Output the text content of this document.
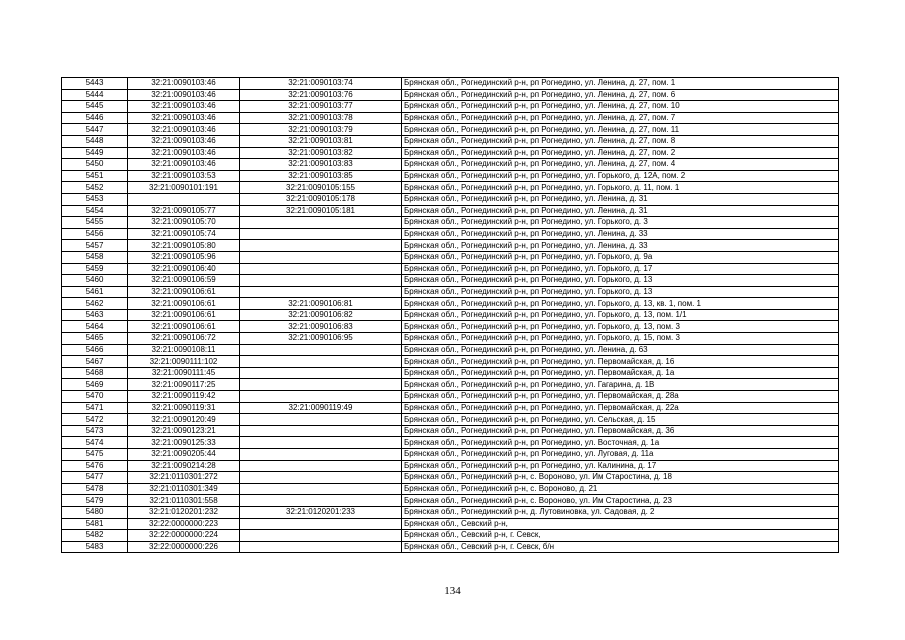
5443	32:21:0090103:46	32:21:0090103:74	Брянская обл., Рогнединский р-н, рп Рогнедино, ул. Ленина, д. 27, пом. 1
5444	32:21:0090103:46	32:21:0090103:76	Брянская обл., Рогнединский р-н, рп Рогнедино, ул. Ленина, д. 27, пом. 6
5445	32:21:0090103:46	32:21:0090103:77	Брянская обл., Рогнединский р-н, рп Рогнедино, ул. Ленина, д. 27, пом. 10
5446	32:21:0090103:46	32:21:0090103:78	Брянская обл., Рогнединский р-н, рп Рогнедино, ул. Ленина, д. 27, пом. 7
5447	32:21:0090103:46	32:21:0090103:79	Брянская обл., Рогнединский р-н, рп Рогнедино, ул. Ленина, д. 27, пом. 11
5448	32:21:0090103:46	32:21:0090103:81	Брянская обл., Рогнединский р-н, рп Рогнедино, ул. Ленина, д. 27, пом. 8
5449	32:21:0090103:46	32:21:0090103:82	Брянская обл., Рогнединский р-н, рп Рогнедино, ул. Ленина, д. 27, пом. 2
5450	32:21:0090103:46	32:21:0090103:83	Брянская обл., Рогнединский р-н, рп Рогнедино, ул. Ленина, д. 27, пом. 4
5451	32:21:0090103:53	32:21:0090103:85	Брянская обл., Рогнединский р-н, рп Рогнедино, ул. Горького, д. 12А, пом. 2
5452	32:21:0090101:191	32:21:0090105:155	Брянская обл., Рогнединский р-н, рп Рогнедино, ул. Горького, д. 11, пом. 1
5453		32:21:0090105:178	Брянская обл., Рогнединский р-н, рп Рогнедино, ул. Ленина, д. 31
5454	32:21:0090105:77	32:21:0090105:181	Брянская обл., Рогнединский р-н, рп Рогнедино, ул. Ленина, д. 31
5455	32:21:0090105:70		Брянская обл., Рогнединский р-н, рп Рогнедино, ул. Горького, д. 3
5456	32:21:0090105:74		Брянская обл., Рогнединский р-н, рп Рогнедино, ул. Ленина, д. 33
5457	32:21:0090105:80		Брянская обл., Рогнединский р-н, рп Рогнедино, ул. Ленина, д. 33
5458	32:21:0090105:96		Брянская обл., Рогнединский р-н, рп Рогнедино, ул. Горького, д. 9а
5459	32:21:0090106:40		Брянская обл., Рогнединский р-н, рп Рогнедино, ул. Горького, д. 17
5460	32:21:0090106:59		Брянская обл., Рогнединский р-н, рп Рогнедино, ул. Горького, д. 13
5461	32:21:0090106:61		Брянская обл., Рогнединский р-н, рп Рогнедино, ул. Горького, д. 13
5462	32:21:0090106:61	32:21:0090106:81	Брянская обл., Рогнединский р-н, рп Рогнедино, ул. Горького, д. 13, кв. 1, пом. 1
5463	32:21:0090106:61	32:21:0090106:82	Брянская обл., Рогнединский р-н, рп Рогнедино, ул. Горького, д. 13, пом. 1/1
5464	32:21:0090106:61	32:21:0090106:83	Брянская обл., Рогнединский р-н, рп Рогнедино, ул. Горького, д. 13, пом. 3
5465	32:21:0090106:72	32:21:0090106:95	Брянская обл., Рогнединский р-н, рп Рогнедино, ул. Горького, д. 15, пом. 3
5466	32:21:0090108:11		Брянская обл., Рогнединский р-н, рп Рогнедино, ул. Ленина, д. 63
5467	32:21:0090111:102		Брянская обл., Рогнединский р-н, рп Рогнедино, ул. Первомайская, д. 16
5468	32:21:0090111:45		Брянская обл., Рогнединский р-н, рп Рогнедино, ул. Первомайская, д. 1а
5469	32:21:0090117:25		Брянская обл., Рогнединский р-н, рп Рогнедино, ул. Гагарина, д. 1В
5470	32:21:0090119:42		Брянская обл., Рогнединский р-н, рп Рогнедино, ул. Первомайская, д. 28а
5471	32:21:0090119:31	32:21:0090119:49	Брянская обл., Рогнединский р-н, рп Рогнедино, ул. Первомайская, д. 22а
5472	32:21:0090120:49		Брянская обл., Рогнединский р-н, рп Рогнедино, ул. Сельская, д. 15
5473	32:21:0090123:21		Брянская обл., Рогнединский р-н, рп Рогнедино, ул. Первомайская, д. 36
5474	32:21:0090125:33		Брянская обл., Рогнединский р-н, рп Рогнедино, ул. Восточная, д. 1а
5475	32:21:0090205:44		Брянская обл., Рогнединский р-н, рп Рогнедино, ул. Луговая, д. 11а
5476	32:21:0090214:28		Брянская обл., Рогнединский р-н, рп Рогнедино, ул. Калинина, д. 17
5477	32:21:0110301:272		Брянская обл., Рогнединский р-н, с. Вороново, ул. Им Старостина, д. 18
5478	32:21:0110301:349		Брянская обл., Рогнединский р-н, с. Вороново, д. 21
5479	32:21:0110301:558		Брянская обл., Рогнединский р-н, с. Вороново, ул. Им Старостина, д. 23
5480	32:21:0120201:232	32:21:0120201:233	Брянская обл., Рогнединский р-н, д. Лутовиновка, ул. Садовая, д. 2
5481	32:22:0000000:223		Брянская обл., Севский р-н,
5482	32:22:0000000:224		Брянская обл., Севский р-н, г. Севск,
5483	32:22:0000000:226		Брянская обл., Севский р-н, г. Севск, б/н
134
